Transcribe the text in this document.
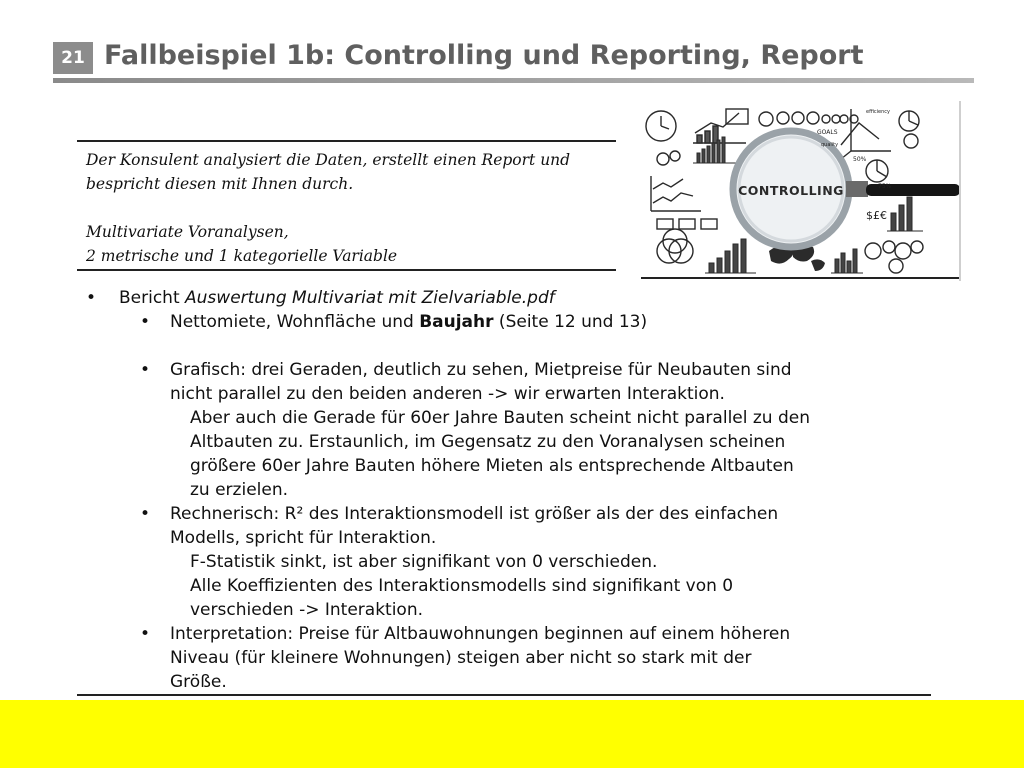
21 Fallbeispiel 1b: Controlling und Reporting, Report

Der Konsulent analysiert die Daten, erstellt einen Report und

bespricht diesen mit Ihnen durch.

Multivariate Voranalysen,

2 metrische und 1 kategorielle Variable

CONTROLLING
GOALS
efficiency
quality
50%
75%
$£€
•	Bericht Auswertung Multivariat mit Zielvariable.pdf
•	Nettomiete, Wohnfläche und Baujahr (Seite 12 und 13)
•	Grafisch: drei Geraden, deutlich zu sehen, Mietpreise für Neubauten sind
nicht parallel zu den beiden anderen -> wir erwarten Interaktion.
Aber auch die Gerade für 60er Jahre Bauten scheint nicht parallel zu den
Altbauten zu. Erstaunlich, im Gegensatz zu den Voranalysen scheinen
größere 60er Jahre Bauten höhere Mieten als entsprechende Altbauten
zu erzielen.
•	Rechnerisch: R² des Interaktionsmodell ist größer als der des einfachen
Modells, spricht für Interaktion.
F-Statistik sinkt, ist aber signifikant von 0 verschieden.
Alle Koeffizienten des Interaktionsmodells sind signifikant von 0
verschieden -> Interaktion.
•	Interpretation: Preise für Altbauwohnungen beginnen auf einem höheren
Niveau (für kleinere Wohnungen) steigen aber nicht so stark mit der
Größe.
